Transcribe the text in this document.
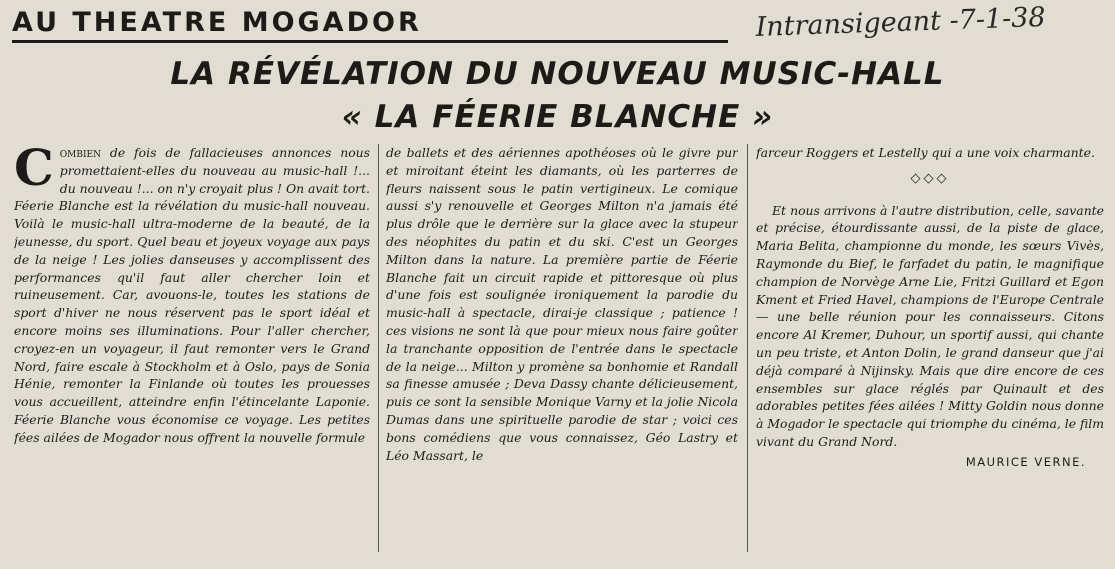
AU THEATRE MOGADOR	Intransigeant -7-1-38
LA RÉVÉLATION DU NOUVEAU MUSIC-HALL
« LA FÉERIE BLANCHE »

Combien de fois de fallacieuses annonces nous promettaient-elles du nouveau au music-hall !... du nouveau !... on n'y croyait plus ! On avait tort. Féerie Blanche est la révélation du music-hall nouveau. Voilà le music-hall ultra-moderne de la beauté, de la jeunesse, du sport. Quel beau et joyeux voyage aux pays de la neige ! Les jolies danseuses y accomplissent des performances qu'il faut aller chercher loin et ruineusement. Car, avouons-le, toutes les stations de sport d'hiver ne nous réservent pas le sport idéal et encore moins ses illuminations. Pour l'aller chercher, croyez-en un voyageur, il faut remonter vers le Grand Nord, faire escale à Stockholm et à Oslo, pays de Sonia Hénie, remonter la Finlande où toutes les prouesses vous accueillent, atteindre enfin l'étincelante Laponie. Féerie Blanche vous économise ce voyage. Les petites fées ailées de Mogador nous offrent la nouvelle formule

de ballets et des aériennes apothéoses où le givre pur et miroitant éteint les diamants, où les parterres de fleurs naissent sous le patin vertigineux. Le comique aussi s'y renouvelle et Georges Milton n'a jamais été plus drôle que le derrière sur la glace avec la stupeur des néophites du patin et du ski. C'est un Georges Milton dans la nature. La première partie de Féerie Blanche fait un circuit rapide et pittoresque où plus d'une fois est soulignée ironiquement la parodie du music-hall à spectacle, dirai-je classique ; patience ! ces visions ne sont là que pour mieux nous faire goûter la tranchante opposition de l'entrée dans le spectacle de la neige... Milton y promène sa bonhomie et Randall sa finesse amusée ; Deva Dassy chante délicieusement, puis ce sont la sensible Monique Varny et la jolie Nicola Dumas dans une spirituelle parodie de star ; voici ces bons comédiens que vous connaissez, Géo Lastry et Léo Massart, le

farceur Roggers et Lestelly qui a une voix charmante.

◇◇◇

Et nous arrivons à l'autre distribution, celle, savante et précise, étourdissante aussi, de la piste de glace, Maria Belita, championne du monde, les sœurs Vivès, Raymonde du Bief, le farfadet du patin, le magnifique champion de Norvège Arne Lie, Fritzi Guillard et Egon Kment et Fried Havel, champions de l'Europe Centrale — une belle réunion pour les connaisseurs. Citons encore Al Kremer, Duhour, un sportif aussi, qui chante un peu triste, et Anton Dolin, le grand danseur que j'ai déjà comparé à Nijinsky. Mais que dire encore de ces ensembles sur glace réglés par Quinault et des adorables petites fées ailées ! Mitty Goldin nous donne à Mogador le spectacle qui triomphe du cinéma, le film vivant du Grand Nord.

MAURICE VERNE.
